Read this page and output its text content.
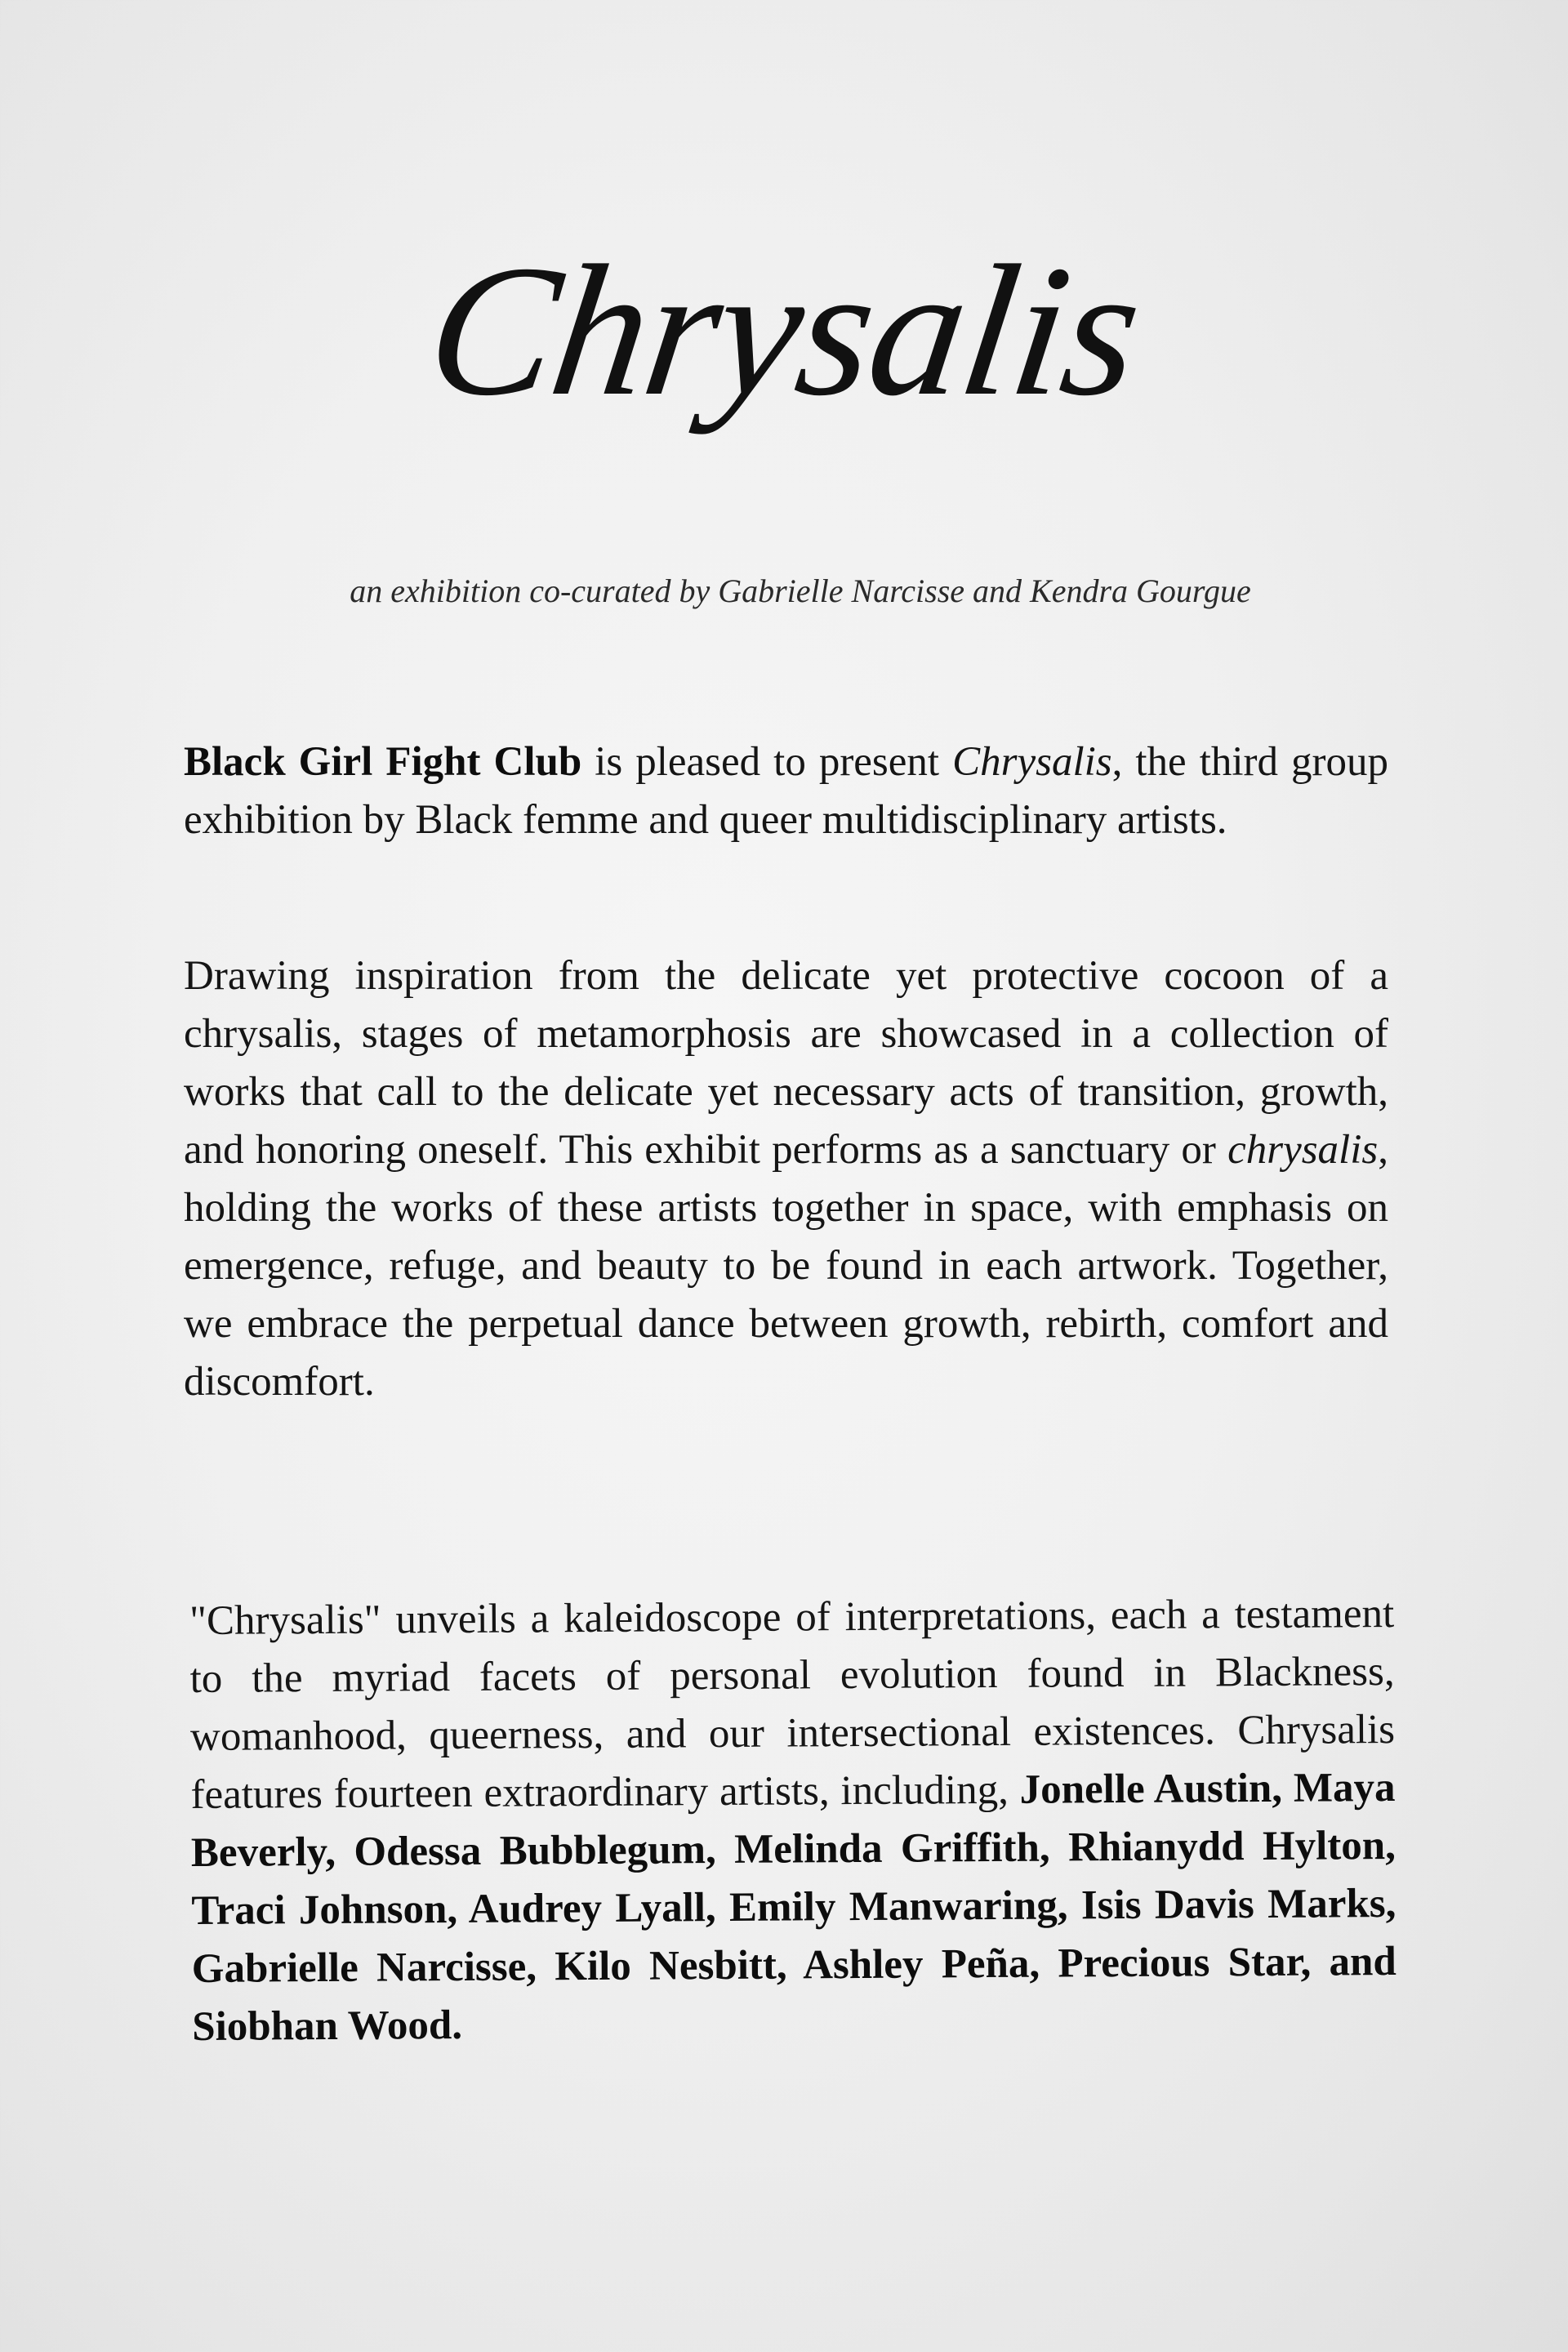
Chrysalis
an exhibition co-curated by Gabrielle Narcisse and Kendra Gourgue

Black Girl Fight Club is pleased to present Chrysalis, the third group exhibition by Black femme and queer multidisciplinary artists.

Drawing inspiration from the delicate yet protective cocoon of a chrysalis, stages of metamorphosis are showcased in a collection of works that call to the delicate yet necessary acts of transition, growth, and honoring oneself. This exhibit performs as a sanctuary or chrysalis, holding the works of these artists together in space, with emphasis on emergence, refuge, and beauty to be found in each artwork. Together, we embrace the perpetual dance between growth, rebirth, comfort and discomfort.

"Chrysalis" unveils a kaleidoscope of interpretations, each a testament to the myriad facets of personal evolution found in Blackness, womanhood, queerness, and our intersectional existences. Chrysalis features fourteen extraordinary artists, including, Jonelle Austin, Maya Beverly, Odessa Bubblegum, Melinda Griffith, Rhianydd Hylton, Traci Johnson, Audrey Lyall, Emily Manwaring, Isis Davis Marks, Gabrielle Narcisse, Kilo Nesbitt, Ashley Peña, Precious Star, and Siobhan Wood.
